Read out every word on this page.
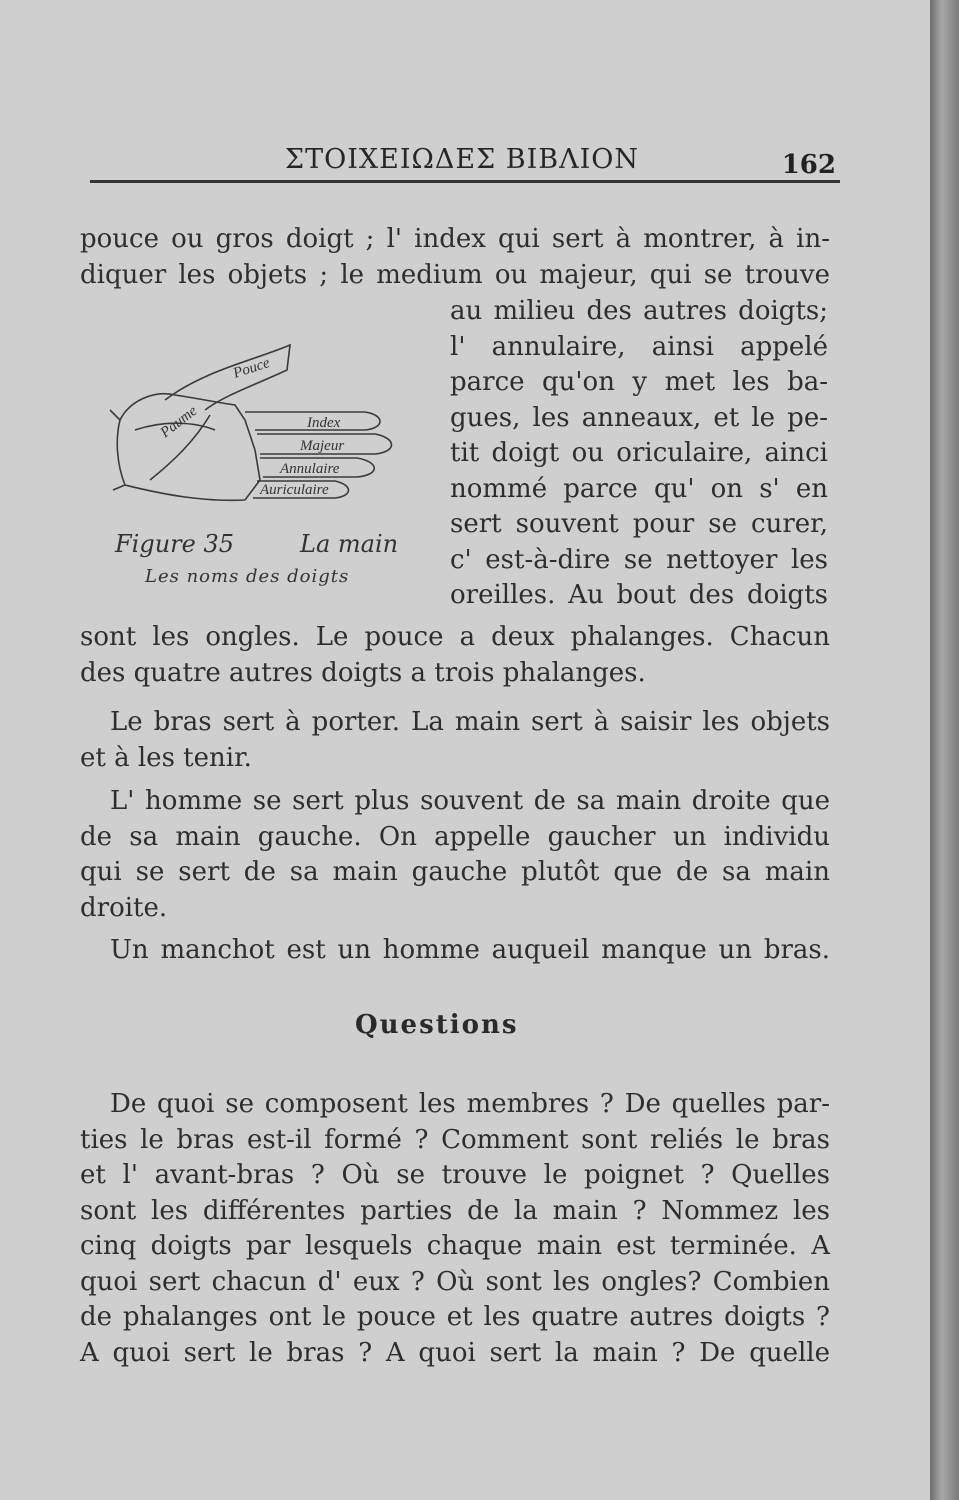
ΣΤΟΙΧΕΙΩΔΕΣ ΒΙΒΛΙΟΝ	162
pouce ou gros doigt ; l' index qui sert à montrer, à in-
diquer les objets ; le medium ou majeur, qui se trouve
Pouce
Paume	Index
Majeur
Annulaire
Auriculaire
Figure 35	La main
Les noms des doigts
au milieu des autres doigts;
l' annulaire, ainsi appelé
parce qu'on y met les ba-
gues, les anneaux, et le pe-
tit doigt ou oriculaire, ainci
nommé parce qu' on s' en
sert souvent pour se curer,
c' est-à-dire se nettoyer les
oreilles. Au bout des doigts
sont les ongles. Le pouce a deux phalanges. Chacun
des quatre autres doigts a trois phalanges.
Le bras sert à porter. La main sert à saisir les objets
et à les tenir.
L' homme se sert plus souvent de sa main droite que
de sa main gauche. On appelle gaucher un individu
qui se sert de sa main gauche plutôt que de sa main
droite.
Un manchot est un homme auqueil manque un bras.
Questions
De quoi se composent les membres ? De quelles par-
ties le bras est-il formé ? Comment sont reliés le bras
et l' avant-bras ? Où se trouve le poignet ? Quelles
sont les différentes parties de la main ? Nommez les
cinq doigts par lesquels chaque main est terminée. A
quoi sert chacun d' eux ? Où sont les ongles? Combien
de phalanges ont le pouce et les quatre autres doigts ?
A quoi sert le bras ? A quoi sert la main ? De quelle
